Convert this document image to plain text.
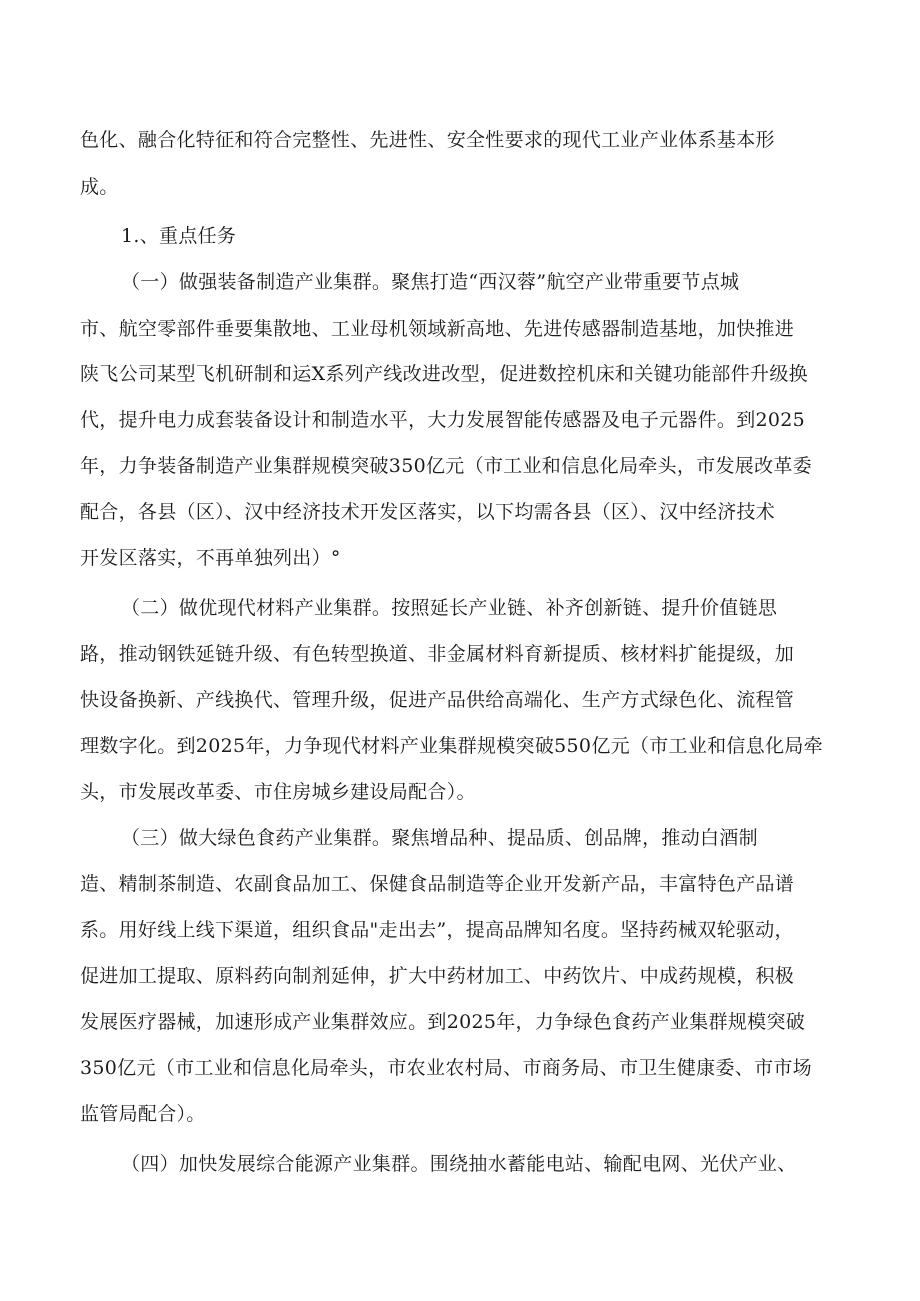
色化、融合化特征和符合完整性、先进性、安全性要求的现代工业产业体系基本形
成。
1.、重点任务
（一）做强装备制造产业集群。聚焦打造“西汉蓉”航空产业带重要节点城
市、航空零部件垂要集散地、工业母机领域新高地、先进传感器制造基地，加快推进
陕飞公司某型飞机研制和运X系列产线改进改型，促进数控机床和关键功能部件升级换
代，提升电力成套装备设计和制造水平，大力发展智能传感器及电子元器件。到2025
年，力争装备制造产业集群规模突破350亿元（市工业和信息化局牵头，市发展改革委
配合，各县（区）、汉中经济技术开发区落实，以下均需各县（区）、汉中经济技术
开发区落实，不再单独列出）°
（二）做优现代材料产业集群。按照延长产业链、补齐创新链、提升价值链思
路，推动钢铁延链升级、有色转型换道、非金属材料育新提质、核材料扩能提级，加
快设备换新、产线换代、管理升级，促进产品供给高端化、生产方式绿色化、流程管
理数字化。到2025年，力争现代材料产业集群规模突破550亿元（市工业和信息化局牵
头，市发展改革委、市住房城乡建设局配合）。
（三）做大绿色食药产业集群。聚焦增品种、提品质、创品牌，推动白酒制
造、精制茶制造、农副食品加工、保健食品制造等企业开发新产品，丰富特色产品谱
系。用好线上线下渠道，组织食品"走出去”，提高品牌知名度。坚持药械双轮驱动，
促进加工提取、原料药向制剂延伸，扩大中药材加工、中药饮片、中成药规模，积极
发展医疗器械，加速形成产业集群效应。到2025年，力争绿色食药产业集群规模突破
350亿元（市工业和信息化局牵头，市农业农村局、市商务局、市卫生健康委、市市场
监管局配合）。
（四）加快发展综合能源产业集群。围绕抽水蓄能电站、输配电网、光伏产业、
